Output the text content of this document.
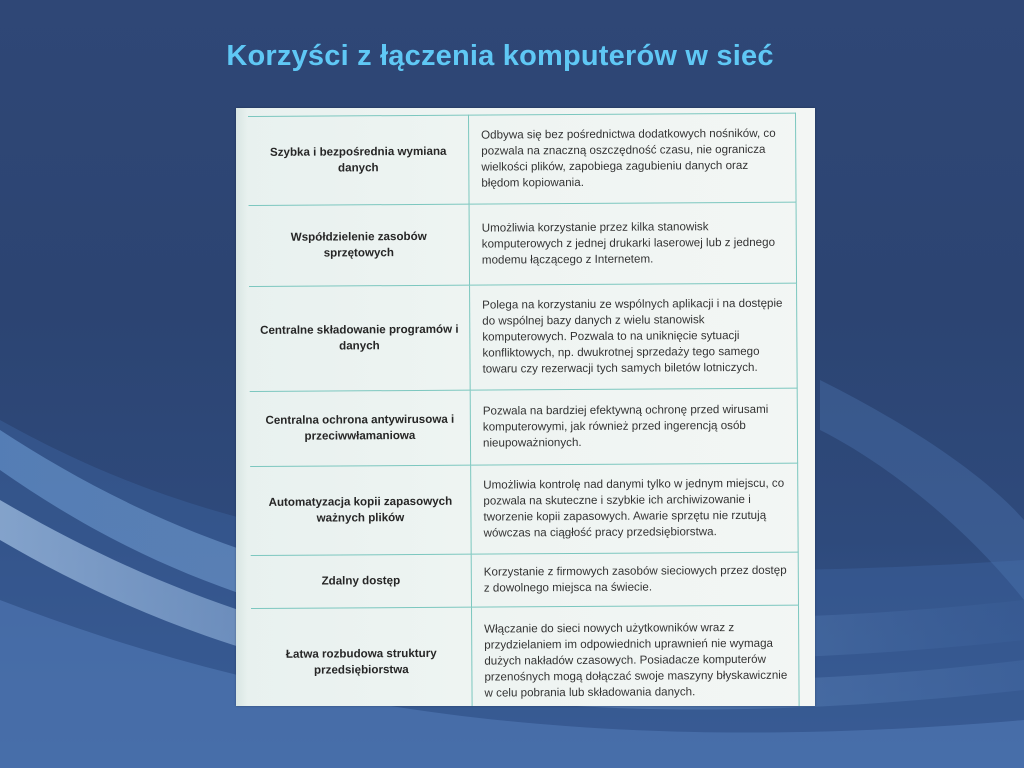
Korzyści z łączenia komputerów w sieć
Szybka i bezpośrednia wymiana danych	Odbywa się bez pośrednictwa dodatkowych nośników, co pozwala na znaczną oszczędność czasu, nie ogranicza wielkości plików, zapobiega zagubieniu danych oraz błędom kopiowania.
Współdzielenie zasobów sprzętowych	Umożliwia korzystanie przez kilka stanowisk komputerowych z jednej drukarki laserowej lub z jednego modemu łączącego z Internetem.
Centralne składowanie programów i danych	Polega na korzystaniu ze wspólnych aplikacji i na dostępie do wspólnej bazy danych z wielu stanowisk komputerowych. Pozwala to na uniknięcie sytuacji konfliktowych, np. dwukrotnej sprzedaży tego samego towaru czy rezerwacji tych samych biletów lotniczych.
Centralna ochrona antywirusowa i przeciwwłamaniowa	Pozwala na bardziej efektywną ochronę przed wirusami komputerowymi, jak również przed ingerencją osób nieupoważnionych.
Automatyzacja kopii zapasowych ważnych plików	Umożliwia kontrolę nad danymi tylko w jednym miejscu, co pozwala na skuteczne i szybkie ich archiwizowanie i tworzenie kopii zapasowych. Awarie sprzętu nie rzutują wówczas na ciągłość pracy przedsiębiorstwa.
Zdalny dostęp	Korzystanie z firmowych zasobów sieciowych przez dostęp z dowolnego miejsca na świecie.
Łatwa rozbudowa struktury przedsiębiorstwa	Włączanie do sieci nowych użytkowników wraz z przydzielaniem im odpowiednich uprawnień nie wymaga dużych nakładów czasowych. Posiadacze komputerów przenośnych mogą dołączać swoje maszyny błyskawicznie w celu pobrania lub składowania danych.
